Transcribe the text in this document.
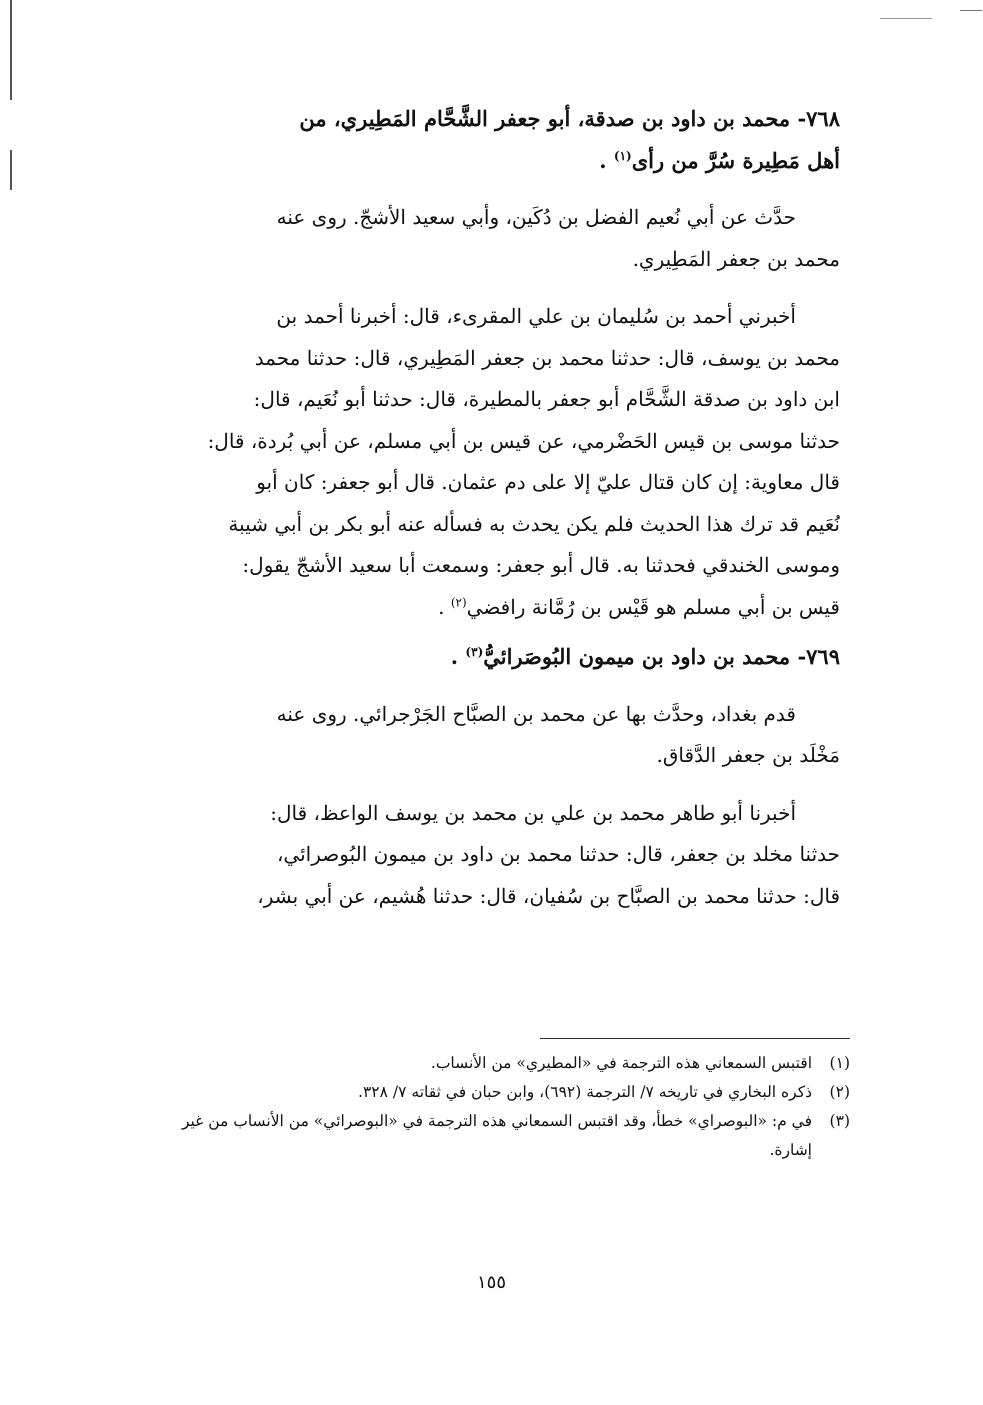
٧٦٨- محمد بن داود بن صدقة، أبو جعفر الشَّحَّام المَطِيري، من
أهل مَطِيرة سُرَّ من رأى$^{(١)}$ .
حدَّث عن أبي نُعيم الفضل بن دُكَين، وأبي سعيد الأشجّ. روى عنه
محمد بن جعفر المَطِيري.
أخبرني أحمد بن سُليمان بن علي المقرىء، قال: أخبرنا أحمد بن
محمد بن يوسف، قال: حدثنا محمد بن جعفر المَطِيري، قال: حدثنا محمد
ابن داود بن صدقة الشَّحَّام أبو جعفر بالمطيرة، قال: حدثنا أبو نُعَيم، قال:
حدثنا موسى بن قيس الحَضْرمي، عن قيس بن أبي مسلم، عن أبي بُردة، قال:
قال معاوية: إن كان قتال عليّ إلا على دم عثمان. قال أبو جعفر: كان أبو
نُعَيم قد ترك هذا الحديث فلم يكن يحدث به فسأله عنه أبو بكر بن أبي شيبة
وموسى الخندقي فحدثنا به. قال أبو جعفر: وسمعت أبا سعيد الأشجّ يقول:
قيس بن أبي مسلم هو قَيْس بن رُمَّانة رافضي$^{(٢)}$ .
٧٦٩- محمد بن داود بن ميمون البُوصَرائيُّ$^{(٣)}$ .
قدم بغداد، وحدَّث بها عن محمد بن الصبَّاح الجَرْجرائي. روى عنه
مَخْلَد بن جعفر الدَّقاق.
أخبرنا أبو طاهر محمد بن علي بن محمد بن يوسف الواعظ، قال:
حدثنا مخلد بن جعفر، قال: حدثنا محمد بن داود بن ميمون البُوصرائي،
قال: حدثنا محمد بن الصبَّاح بن سُفيان، قال: حدثنا هُشيم، عن أبي بشر،
(١)
اقتبس السمعاني هذه الترجمة في «المطيري» من الأنساب.
(٢)
ذكره البخاري في تاريخه ٧/ الترجمة (٦٩٢)، وابن حبان في ثقاته ٧/ ٣٢٨.
(٣)
في م: «البوصراي» خطأ، وقد اقتبس السمعاني هذه الترجمة في «البوصرائي» من الأنساب من غير إشارة.
١٥٥
